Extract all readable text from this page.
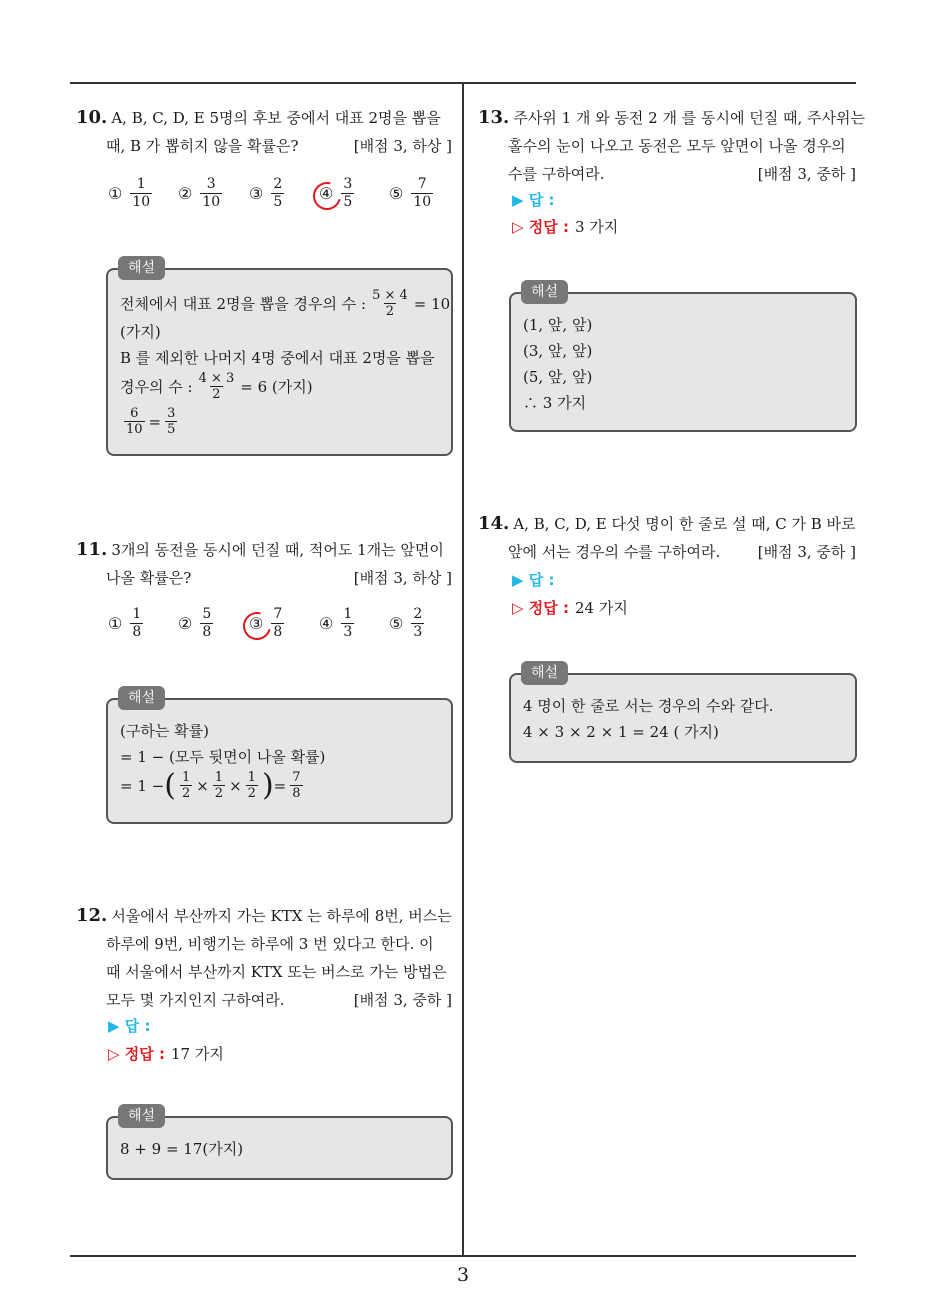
10. A, B, C, D, E 5명의 후보 중에서 대표 2명을 뽑을
때, B 가 뽑히지 않을 확률은?	[배점 3, 하상 ]
① $\frac{1}{10}$ ② $\frac{3}{10}$ ③ $\frac{2}{5}$ ④ $\frac{3}{5}$ ⑤ $\frac{7}{10}$
해설
전체에서 대표 2명을 뽑을 경우의 수 : $\frac{5 \times 4}{2} = 10$
(가지)
B 를 제외한 나머지 4명 중에서 대표 2명을 뽑을
경우의 수 : $\frac{4 \times 3}{2} = 6$ (가지)
$\frac{6}{10} = \frac{3}{5}$
11. 3개의 동전을 동시에 던질 때, 적어도 1개는 앞면이
나올 확률은?	[배점 3, 하상 ]
① $\frac{1}{8}$ ② $\frac{5}{8}$ ③ $\frac{7}{8}$ ④ $\frac{1}{3}$ ⑤ $\frac{2}{3}$
해설
(구하는 확률)
= 1 − (모두 뒷면이 나올 확률)
= 1 − ( $\frac{1}{2} \times \frac{1}{2} \times \frac{1}{2}$ ) = $\frac{7}{8}$
12. 서울에서 부산까지 가는 KTX 는 하루에 8번, 버스는
하루에 9번, 비행기는 하루에 3 번 있다고 한다. 이
때 서울에서 부산까지 KTX 또는 버스로 가는 방법은
모두 몇 가지인지 구하여라.	[배점 3, 중하 ]
▶ 답 :
▷ 정답 : 17 가지
해설
8 + 9 = 17(가지)
13. 주사위 1 개 와 동전 2 개 를 동시에 던질 때, 주사위는
홀수의 눈이 나오고 동전은 모두 앞면이 나올 경우의
수를 구하여라.	[배점 3, 중하 ]
▶ 답 :
▷ 정답 : 3 가지
해설
(1, 앞, 앞)
(3, 앞, 앞)
(5, 앞, 앞)
∴ 3 가지
14. A, B, C, D, E 다섯 명이 한 줄로 설 때, C 가 B 바로
앞에 서는 경우의 수를 구하여라.	[배점 3, 중하 ]
▶ 답 :
▷ 정답 : 24 가지
해설
4 명이 한 줄로 서는 경우의 수와 같다.
4 × 3 × 2 × 1 = 24 ( 가지)
3
